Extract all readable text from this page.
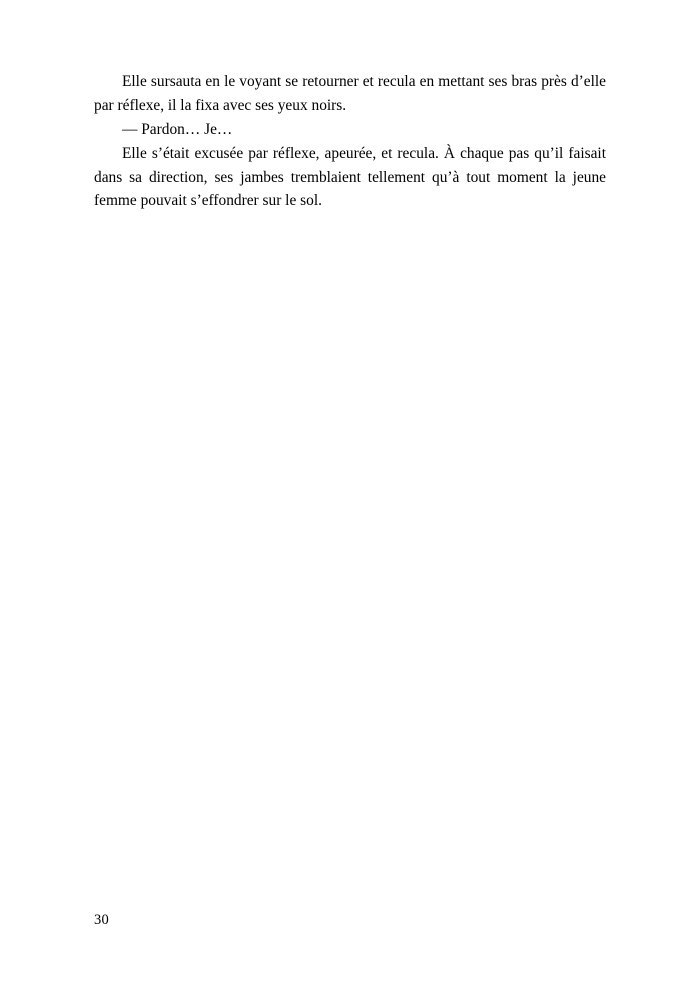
Elle sursauta en le voyant se retourner et recula en mettant ses bras près d’elle par réflexe, il la fixa avec ses yeux noirs.

— Pardon… Je…

Elle s’était excusée par réflexe, apeurée, et recula. À chaque pas qu’il faisait dans sa direction, ses jambes tremblaient tellement qu’à tout moment la jeune femme pouvait s’effondrer sur le sol.

30
